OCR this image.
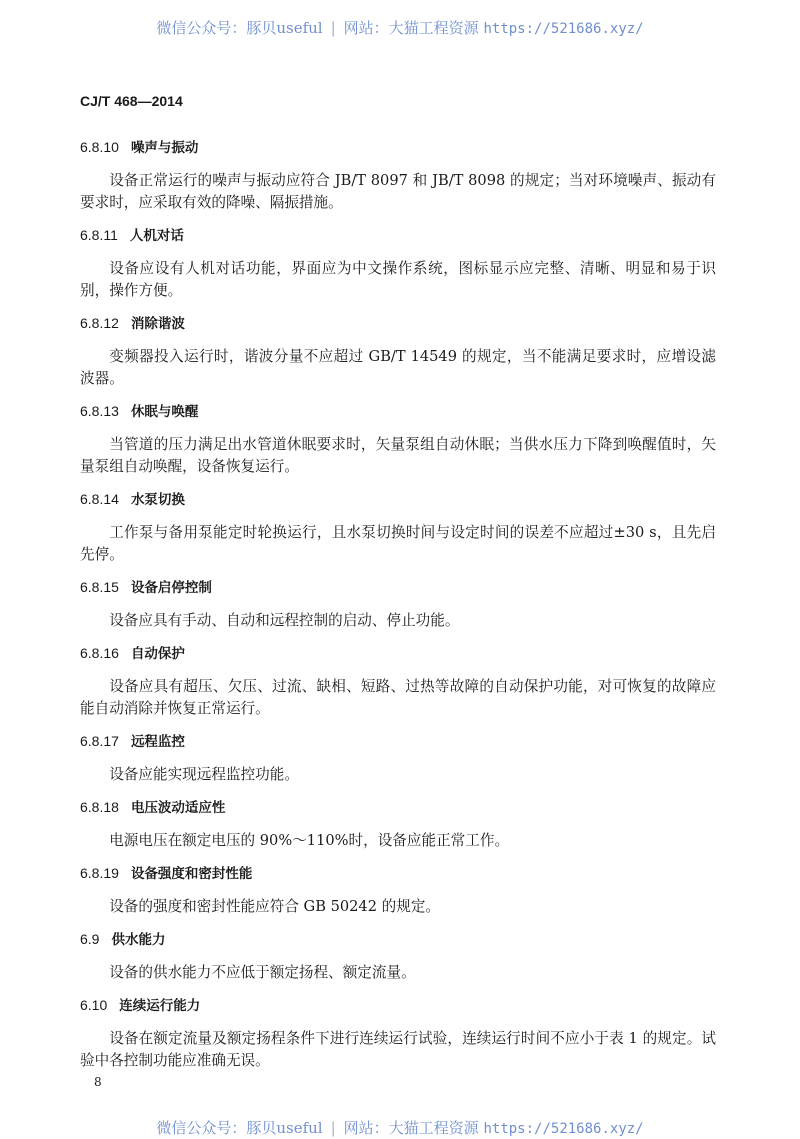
微信公众号：豚贝useful | 网站：大猫工程资源 https://521686.xyz/
CJ/T 468—2014
6.8.10 噪声与振动
设备正常运行的噪声与振动应符合 JB/T 8097 和 JB/T 8098 的规定；当对环境噪声、振动有要求时，应采取有效的降噪、隔振措施。
6.8.11 人机对话
设备应设有人机对话功能，界面应为中文操作系统，图标显示应完整、清晰、明显和易于识别，操作方便。
6.8.12 消除谐波
变频器投入运行时，谐波分量不应超过 GB/T 14549 的规定，当不能满足要求时，应增设滤波器。
6.8.13 休眠与唤醒
当管道的压力满足出水管道休眠要求时，矢量泵组自动休眠；当供水压力下降到唤醒值时，矢量泵组自动唤醒，设备恢复运行。
6.8.14 水泵切换
工作泵与备用泵能定时轮换运行，且水泵切换时间与设定时间的误差不应超过±30 s，且先启先停。
6.8.15 设备启停控制
设备应具有手动、自动和远程控制的启动、停止功能。
6.8.16 自动保护
设备应具有超压、欠压、过流、缺相、短路、过热等故障的自动保护功能，对可恢复的故障应能自动消除并恢复正常运行。
6.8.17 远程监控
设备应能实现远程监控功能。
6.8.18 电压波动适应性
电源电压在额定电压的 90%～110%时，设备应能正常工作。
6.8.19 设备强度和密封性能
设备的强度和密封性能应符合 GB 50242 的规定。
6.9 供水能力
设备的供水能力不应低于额定扬程、额定流量。
6.10 连续运行能力
设备在额定流量及额定扬程条件下进行连续运行试验，连续运行时间不应小于表 1 的规定。试验中各控制功能应准确无误。
8
微信公众号：豚贝useful | 网站：大猫工程资源 https://521686.xyz/
